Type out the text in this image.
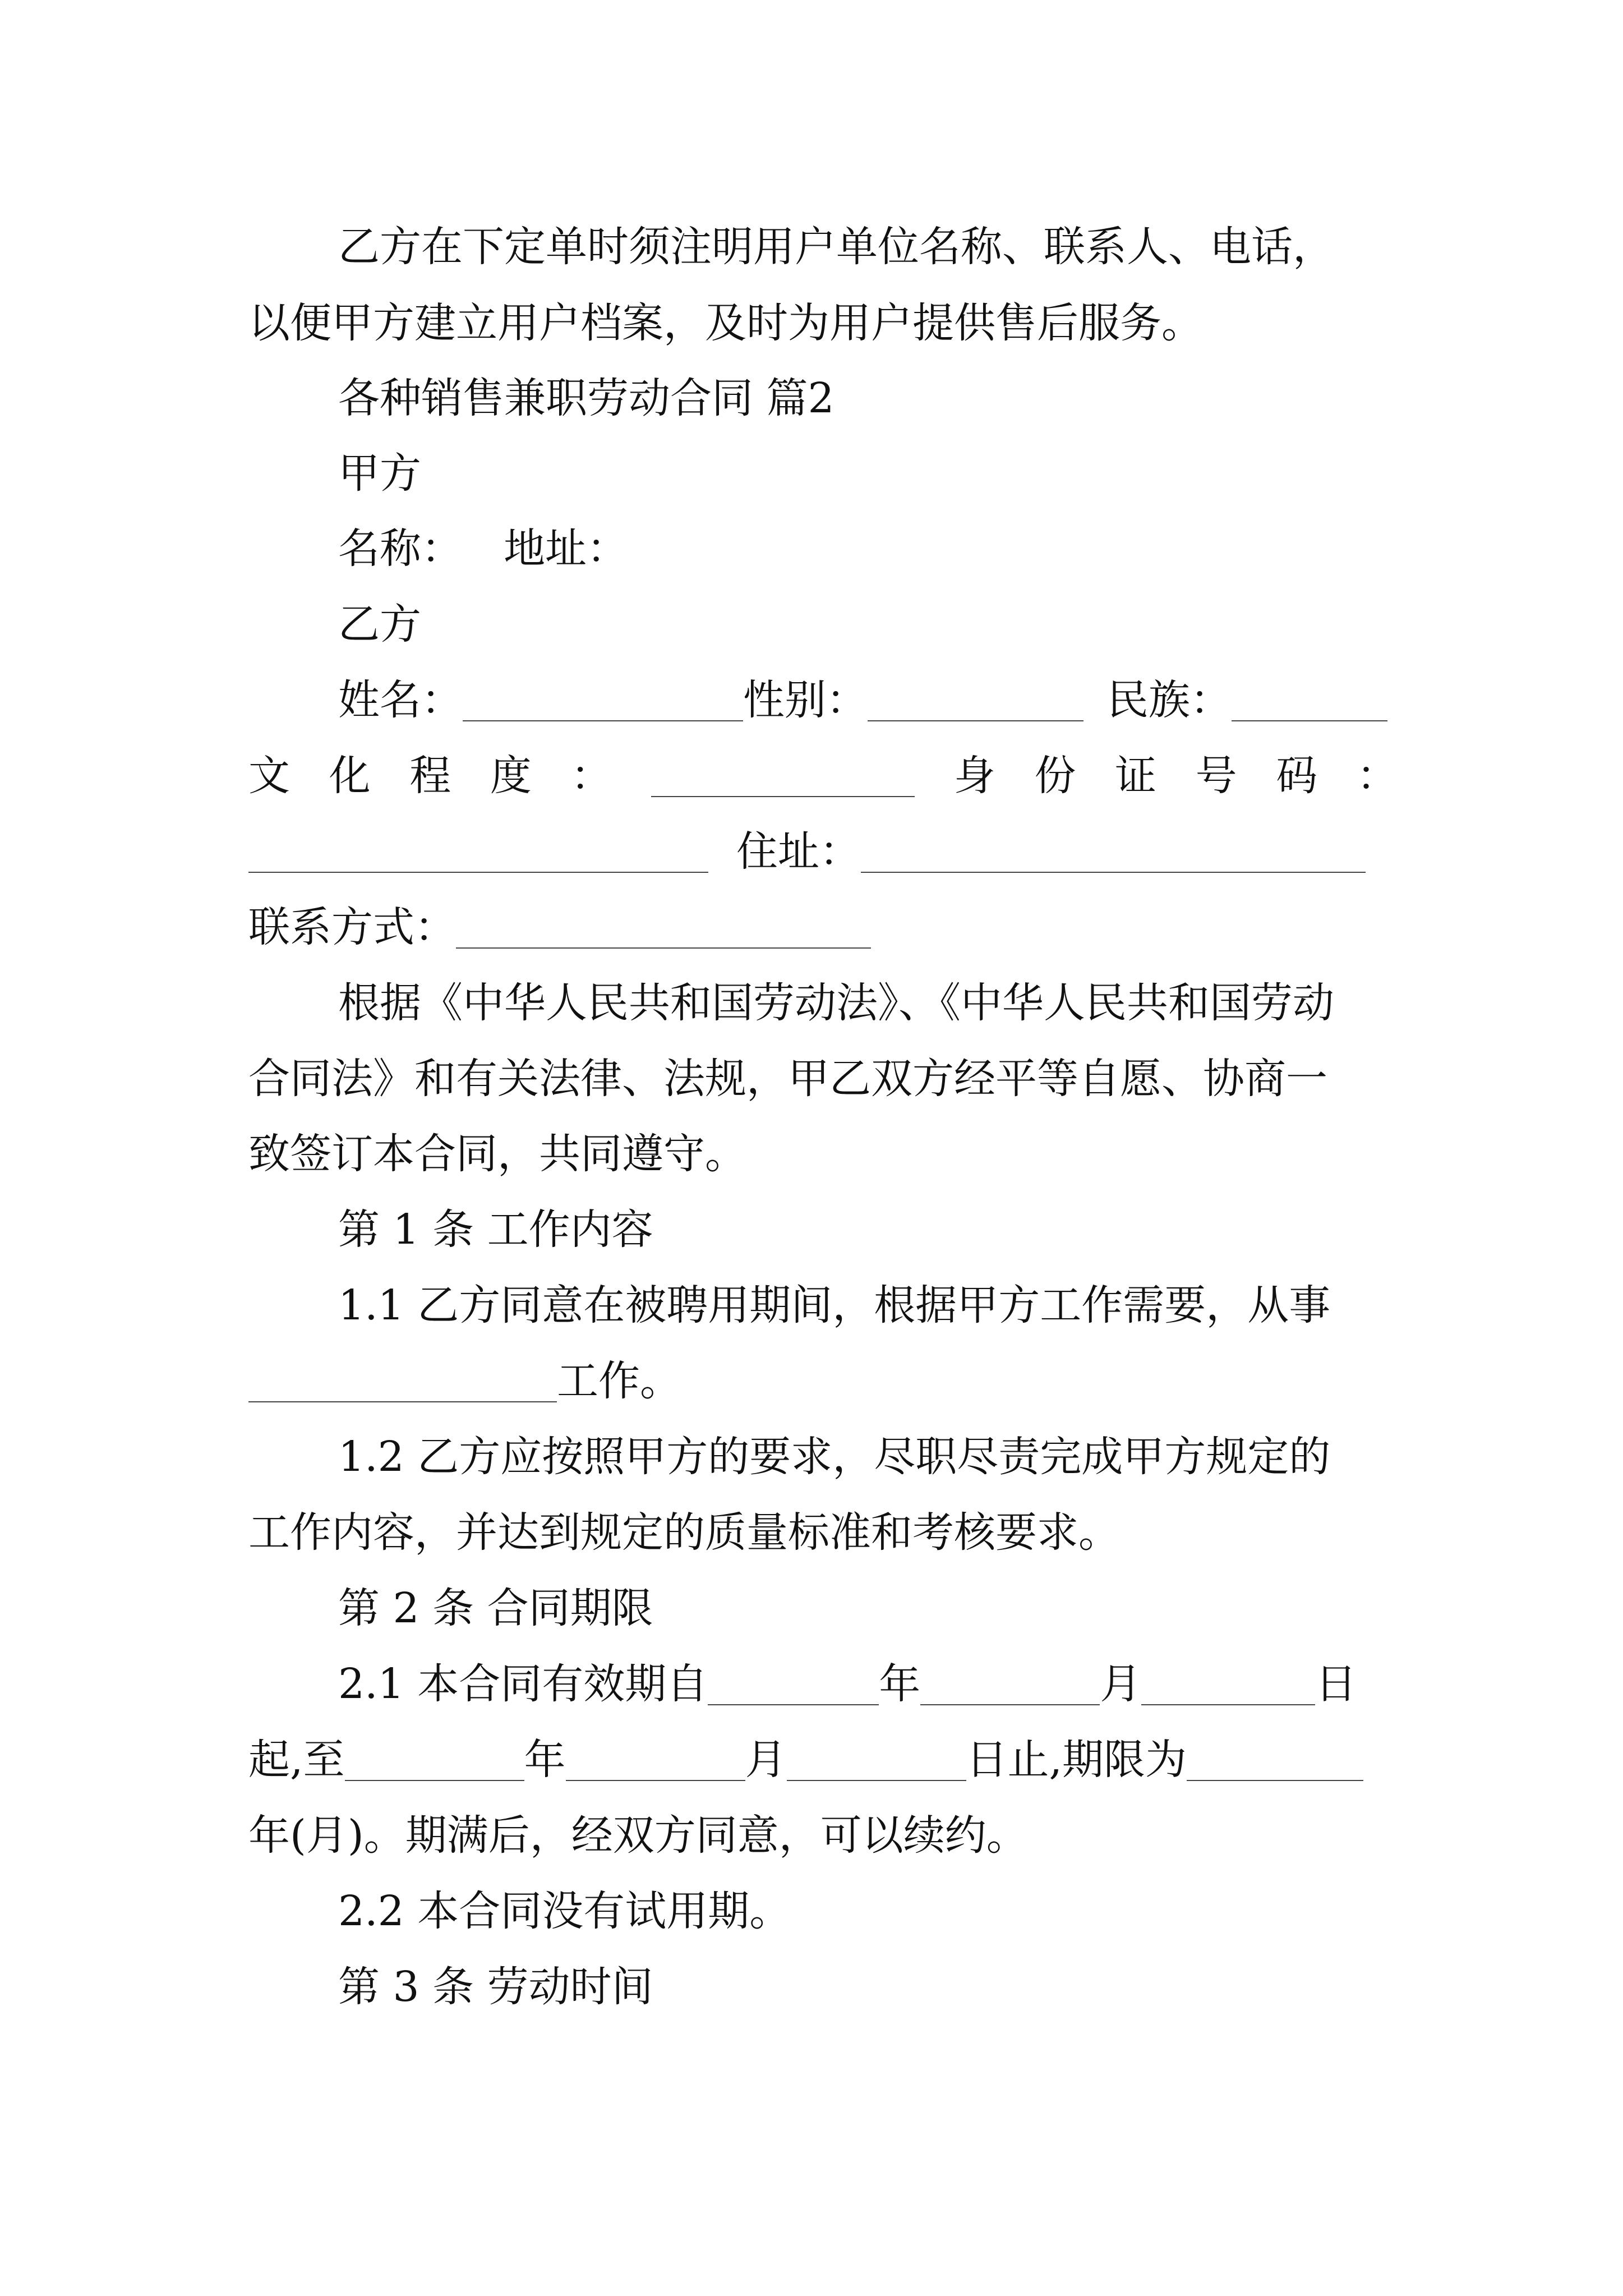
乙方在下定单时须注明用户单位名称、联系人、电话，
以便甲方建立用户档案，及时为用户提供售后服务。
各种销售兼职劳动合同 篇2
甲方
名称： 地址：
乙方
姓名：	性别：	民族：
文 化 程 度 ：	身 份 证 号 码 ：
住址：
联系方式：
根据《中华人民共和国劳动法》、《中华人民共和国劳动
合同法》和有关法律、法规，甲乙双方经平等自愿、协商一
致签订本合同，共同遵守。
第 1 条 工作内容
1.1 乙方同意在被聘用期间，根据甲方工作需要，从事
工作。
1.2 乙方应按照甲方的要求，尽职尽责完成甲方规定的
工作内容，并达到规定的质量标准和考核要求。
第 2 条 合同期限
2.1 本合同有效期自	年	月	日
起,至	年	月	日止,期限为
年(月)。期满后，经双方同意，可以续约。
2.2 本合同没有试用期。
第 3 条 劳动时间
